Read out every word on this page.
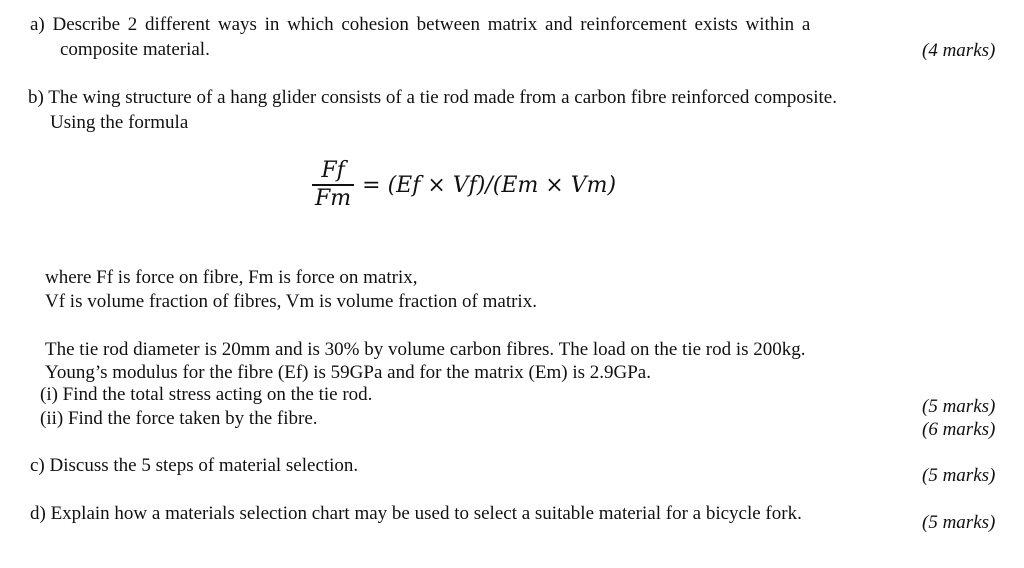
a) Describe 2 different ways in which cohesion between matrix and reinforcement exists within a
composite material.	(4 marks)
b) The wing structure of a hang glider consists of a tie rod made from a carbon fibre reinforced composite.
Using the formula
$\frac{Ff}{Fm} = (Ef \times Vf)/(Em \times Vm)$
where Ff is force on fibre, Fm is force on matrix,
Vf is volume fraction of fibres, Vm is volume fraction of matrix.
The tie rod diameter is 20mm and is 30% by volume carbon fibres. The load on the tie rod is 200kg.
Young’s modulus for the fibre (Ef) is 59GPa and for the matrix (Em) is 2.9GPa.
(i) Find the total stress acting on the tie rod.
(ii) Find the force taken by the fibre.
(5 marks)
(6 marks)
c) Discuss the 5 steps of material selection.	(5 marks)
d) Explain how a materials selection chart may be used to select a suitable material for a bicycle fork.	(5 marks)
